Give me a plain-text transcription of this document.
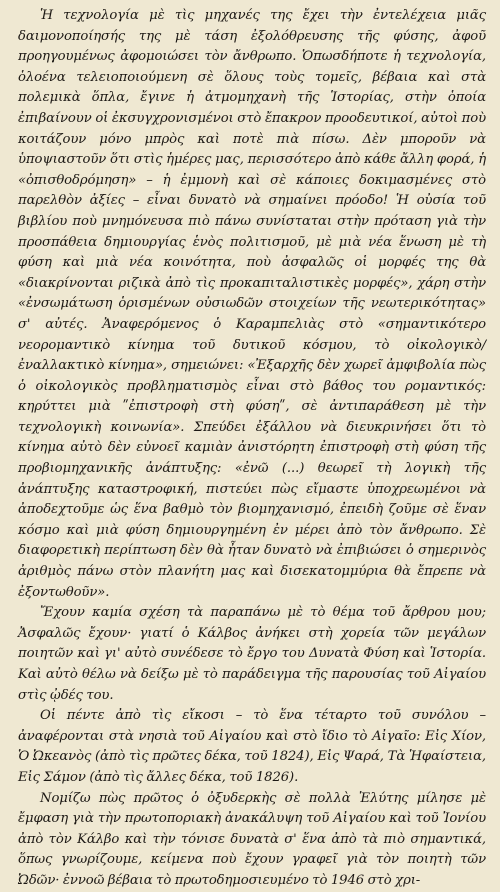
Ἡ τεχνολογία μὲ τὶς μηχανές της ἔχει τὴν ἐντελέχεια μιᾶς δαιμονοποίησής της μὲ τάση ἐξολόθρευσης τῆς φύσης, ἀφοῦ προηγουμένως ἀφομοιώσει τὸν ἄνθρωπο. Ὁπωσδήποτε ἡ τεχνολογία, ὁλοένα τελειοποιούμενη σὲ ὅλους τοὺς τομεῖς, βέβαια καὶ στὰ πολεμικὰ ὅπλα, ἔγινε ἡ ἀτμομηχανὴ τῆς Ἱστορίας, στὴν ὁποία ἐπιβαίνουν οἱ ἐκσυγχρονισμένοι στὸ ἔπακρον προοδευτικοί, αὐτοὶ ποὺ κοιτάζουν μόνο μπρὸς καὶ ποτὲ πιὰ πίσω. Δὲν μποροῦν νὰ ὑποψιαστοῦν ὅτι στὶς ἡμέρες μας, περισσότερο ἀπὸ κάθε ἄλλη φορά, ἡ «ὀπισθοδρόμηση» – ἡ ἐμμονὴ καὶ σὲ κάποιες δοκιμασμένες στὸ παρελθὸν ἀξίες – εἶναι δυνατὸ νὰ σημαίνει πρόοδο! Ἡ οὐσία τοῦ βιβλίου ποὺ μνημόνευσα πιὸ πάνω συνίσταται στὴν πρόταση γιὰ τὴν προσπάθεια δημιουργίας ἑνὸς πολιτισμοῦ, μὲ μιὰ νέα ἕνωση μὲ τὴ φύση καὶ μιὰ νέα κοινότητα, ποὺ ἀσφαλῶς οἱ μορφές της θὰ «διακρίνονται ριζικὰ ἀπὸ τὶς προκαπιταλιστικὲς μορφές», χάρη στὴν «ἐνσωμάτωση ὁρισμένων οὐσιωδῶν στοιχείων τῆς νεωτερικότητας» σ' αὐτές. Ἀναφερόμενος ὁ Καραμπελιὰς στὸ «σημαντικότερο νεορομαντικὸ κίνημα τοῦ δυτικοῦ κόσμου, τὸ οἰκολογικὸ/ἐναλλακτικὸ κίνημα», σημειώνει: «Ἐξαρχῆς δὲν χωρεῖ ἀμφιβολία πὼς ὁ οἰκολογικὸς προβληματισμὸς εἶναι στὸ βάθος του ρομαντικός: κηρύττει μιὰ ʺἐπιστροφὴ στὴ φύσηʺ, σὲ ἀντιπαράθεση μὲ τὴν τεχνολογικὴ κοινωνία». Σπεύδει ἐξάλλου νὰ διευκρινήσει ὅτι τὸ κίνημα αὐτὸ δὲν εὐνοεῖ καμιὰν ἀνιστόρητη ἐπιστροφὴ στὴ φύση τῆς προβιομηχανικῆς ἀνάπτυξης: «ἐνῶ (...) θεωρεῖ τὴ λογικὴ τῆς ἀνάπτυξης καταστροφική, πιστεύει πὼς εἴμαστε ὑποχρεωμένοι νὰ ἀποδεχτοῦμε ὡς ἕνα βαθμὸ τὸν βιομηχανισμό, ἐπειδὴ ζοῦμε σὲ ἕναν κόσμο καὶ μιὰ φύση δημιουργημένη ἐν μέρει ἀπὸ τὸν ἄνθρωπο. Σὲ διαφορετικὴ περίπτωση δὲν θὰ ἦταν δυνατὸ νὰ ἐπιβιώσει ὁ σημερινὸς ἀριθμὸς πάνω στὸν πλανήτη μας καὶ δισεκατομμύρια θὰ ἔπρεπε νὰ ἐξοντωθοῦν».

Ἔχουν καμία σχέση τὰ παραπάνω μὲ τὸ θέμα τοῦ ἄρθρου μου; Ἀσφαλῶς ἔχουν· γιατί ὁ Κάλβος ἀνήκει στὴ χορεία τῶν μεγάλων ποιητῶν καὶ γι' αὐτὸ συνέδεσε τὸ ἔργο του Δυνατὰ Φύση καὶ Ἱστορία. Καὶ αὐτὸ θέλω νὰ δείξω μὲ τὸ παράδειγμα τῆς παρουσίας τοῦ Αἰγαίου στὶς ᾠδές του.

Οἱ πέντε ἀπὸ τὶς εἴκοσι – τὸ ἕνα τέταρτο τοῦ συνόλου – ἀναφέρονται στὰ νησιὰ τοῦ Αἰγαίου καὶ στὸ ἴδιο τὸ Αἰγαῖο: Εἰς Χίον, Ὁ Ὠκεανὸς (ἀπὸ τὶς πρῶτες δέκα, τοῦ 1824), Εἰς Ψαρά, Τὰ Ἡφαίστεια, Εἰς Σάμον (ἀπὸ τὶς ἄλλες δέκα, τοῦ 1826).

Νομίζω πὼς πρῶτος ὁ ὀξυδερκὴς σὲ πολλὰ Ἐλύτης μίλησε μὲ ἔμφαση γιὰ τὴν πρωτοποριακὴ ἀνακάλυψη τοῦ Αἰγαίου καὶ τοῦ Ἰονίου ἀπὸ τὸν Κάλβο καὶ τὴν τόνισε δυνατὰ σ' ἕνα ἀπὸ τὰ πιὸ σημαντικά, ὅπως γνωρίζουμε, κείμενα ποὺ ἔχουν γραφεῖ γιὰ τὸν ποιητὴ τῶν Ὠδῶν· ἐννοῶ βέβαια τὸ πρωτοδημοσιευμένο τὸ 1946 στὸ χρι-
